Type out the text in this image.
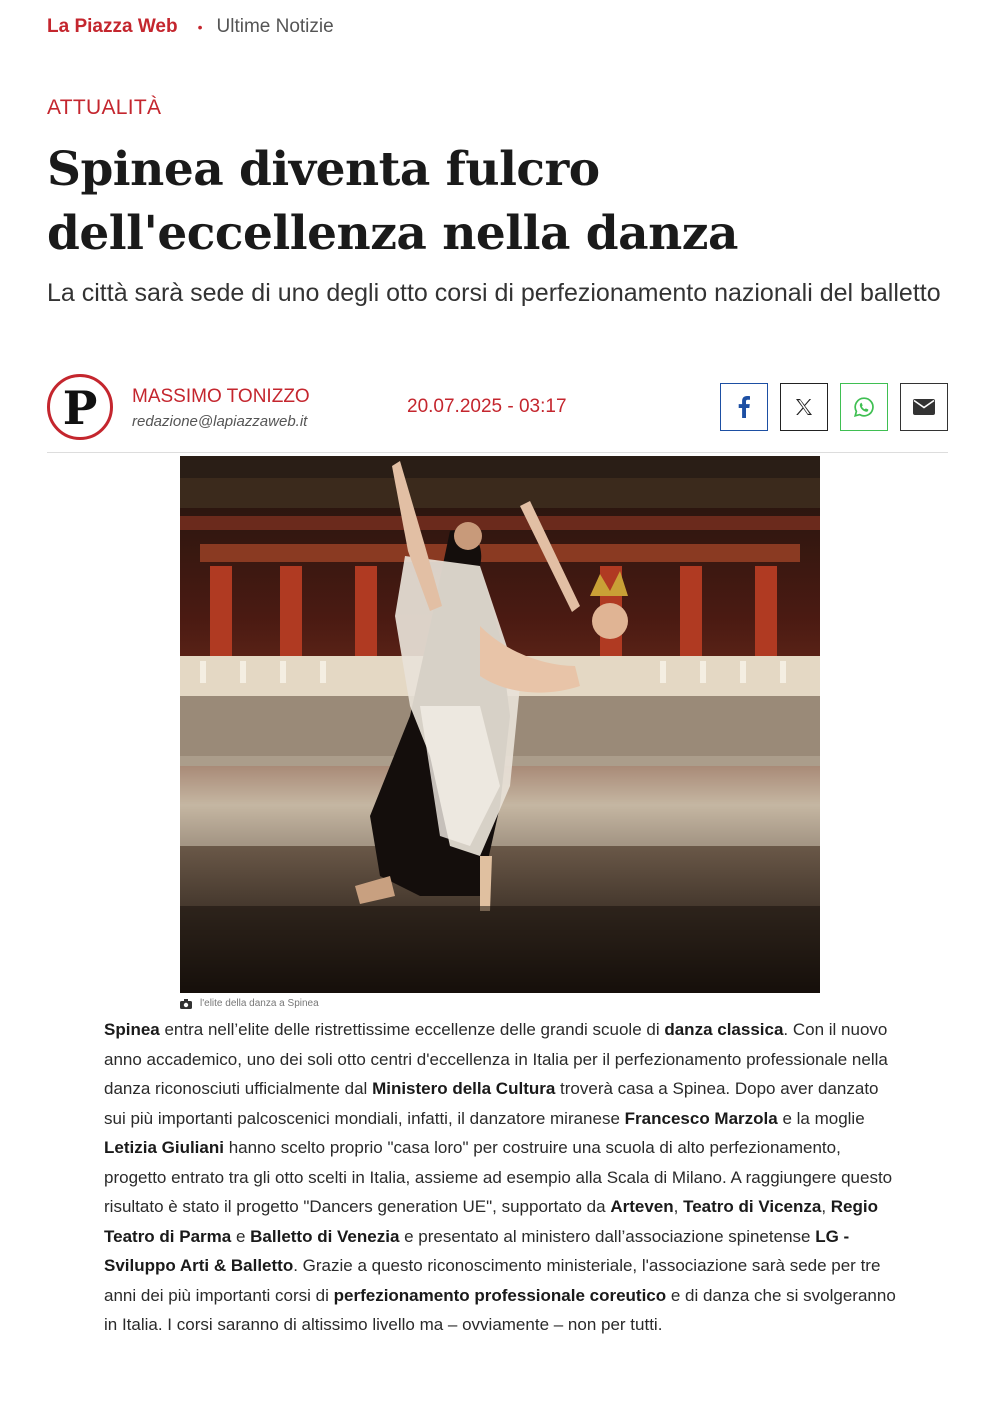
La Piazza Web • Ultime Notizie
ATTUALITÀ
Spinea diventa fulcro dell'eccellenza nella danza

La città sarà sede di uno degli otto corsi di perfezionamento nazionali del balletto

P MASSIMO TONIZZO
redazione@lapiazzaweb.it
20.07.2025 - 03:17
l'elite della danza a Spinea
Spinea entra nell’elite delle ristrettissime eccellenze delle grandi scuole di danza classica. Con il nuovo anno accademico, uno dei soli otto centri d'eccellenza in Italia per il perfezionamento professionale nella danza riconosciuti ufficialmente dal Ministero della Cultura troverà casa a Spinea. Dopo aver danzato sui più importanti palcoscenici mondiali, infatti, il danzatore miranese Francesco Marzola e la moglie Letizia Giuliani hanno scelto proprio "casa loro" per costruire una scuola di alto perfezionamento, progetto entrato tra gli otto scelti in Italia, assieme ad esempio alla Scala di Milano. A raggiungere questo risultato è stato il progetto "Dancers generation UE", supportato da Arteven, Teatro di Vicenza, Regio Teatro di Parma e Balletto di Venezia e presentato al ministero dall’associazione spinetense LG - Sviluppo Arti & Balletto. Grazie a questo riconoscimento ministeriale, l'associazione sarà sede per tre anni dei più importanti corsi di perfezionamento professionale coreutico e di danza che si svolgeranno in Italia. I corsi saranno di altissimo livello ma – ovviamente – non per tutti.
